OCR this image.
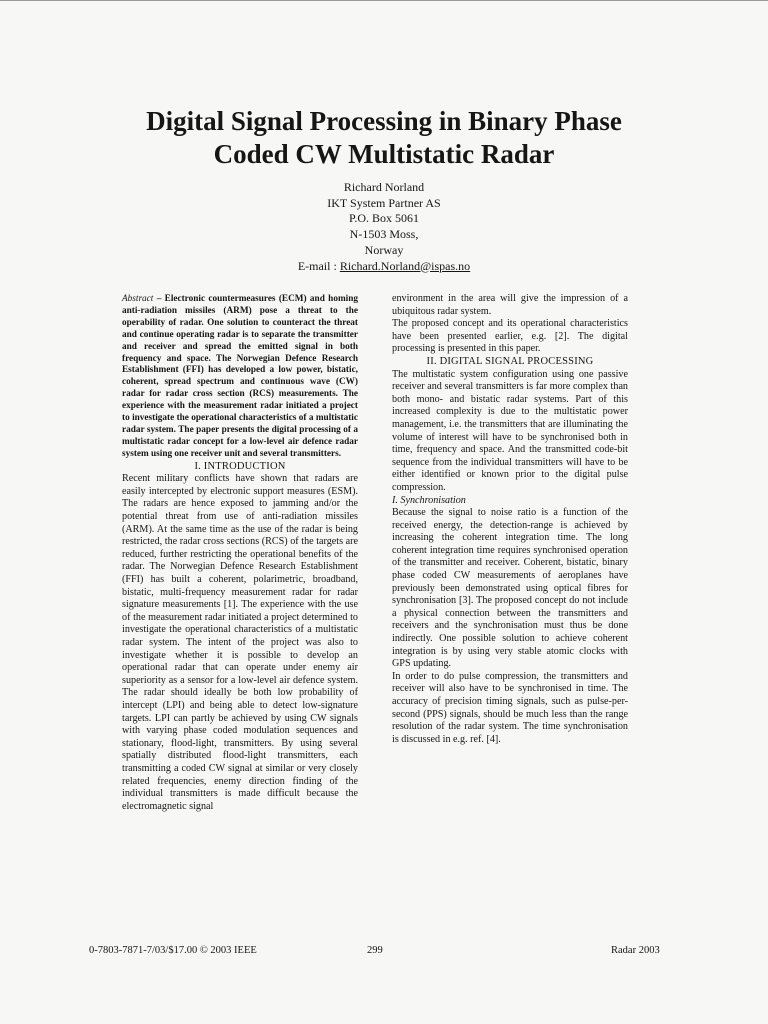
Digital Signal Processing in Binary Phase
Coded CW Multistatic Radar
Richard Norland
IKT System Partner AS
P.O. Box 5061
N-1503 Moss,
Norway
E-mail : Richard.Norland@ispas.no

Abstract – Electronic countermeasures (ECM) and homing anti-radiation missiles (ARM) pose a threat to the operability of radar. One solution to counteract the threat and continue operating radar is to separate the transmitter and receiver and spread the emitted signal in both frequency and space. The Norwegian Defence Research Establishment (FFI) has developed a low power, bistatic, coherent, spread spectrum and continuous wave (CW) radar for radar cross section (RCS) measurements. The experience with the measurement radar initiated a project to investigate the operational characteristics of a multistatic radar system. The paper presents the digital processing of a multistatic radar concept for a low-level air defence radar system using one receiver unit and several transmitters.

I. INTRODUCTION

Recent military conflicts have shown that radars are easily intercepted by electronic support measures (ESM). The radars are hence exposed to jamming and/or the potential threat from use of anti-radiation missiles (ARM). At the same time as the use of the radar is being restricted, the radar cross sections (RCS) of the targets are reduced, further restricting the operational benefits of the radar. The Norwegian Defence Research Establishment (FFI) has built a coherent, polarimetric, broadband, bistatic, multi-frequency measurement radar for radar signature measurements [1]. The experience with the use of the measurement radar initiated a project determined to investigate the operational characteristics of a multistatic radar system. The intent of the project was also to investigate whether it is possible to develop an operational radar that can operate under enemy air superiority as a sensor for a low-level air defence system. The radar should ideally be both low probability of intercept (LPI) and being able to detect low-signature targets. LPI can partly be achieved by using CW signals with varying phase coded modulation sequences and stationary, flood-light, transmitters. By using several spatially distributed flood-light transmitters, each transmitting a coded CW signal at similar or very closely related frequencies, enemy direction finding of the individual transmitters is made difficult because the electromagnetic signal

environment in the area will give the impression of a ubiquitous radar system.

The proposed concept and its operational characteristics have been presented earlier, e.g. [2]. The digital processing is presented in this paper.

II. DIGITAL SIGNAL PROCESSING

The multistatic system configuration using one passive receiver and several transmitters is far more complex than both mono- and bistatic radar systems. Part of this increased complexity is due to the multistatic power management, i.e. the transmitters that are illuminating the volume of interest will have to be synchronised both in time, frequency and space. And the transmitted code-bit sequence from the individual transmitters will have to be either identified or known prior to the digital pulse compression.

I. Synchronisation

Because the signal to noise ratio is a function of the received energy, the detection-range is achieved by increasing the coherent integration time. The long coherent integration time requires synchronised operation of the transmitter and receiver. Coherent, bistatic, binary phase coded CW measurements of aeroplanes have previously been demonstrated using optical fibres for synchronisation [3]. The proposed concept do not include a physical connection between the transmitters and receivers and the synchronisation must thus be done indirectly. One possible solution to achieve coherent integration is by using very stable atomic clocks with GPS updating.

In order to do pulse compression, the transmitters and receiver will also have to be synchronised in time. The accuracy of precision timing signals, such as pulse-per-second (PPS) signals, should be much less than the range resolution of the radar system. The time synchronisation is discussed in e.g. ref. [4].

0-7803-7871-7/03/$17.00 © 2003 IEEE	299	Radar 2003
